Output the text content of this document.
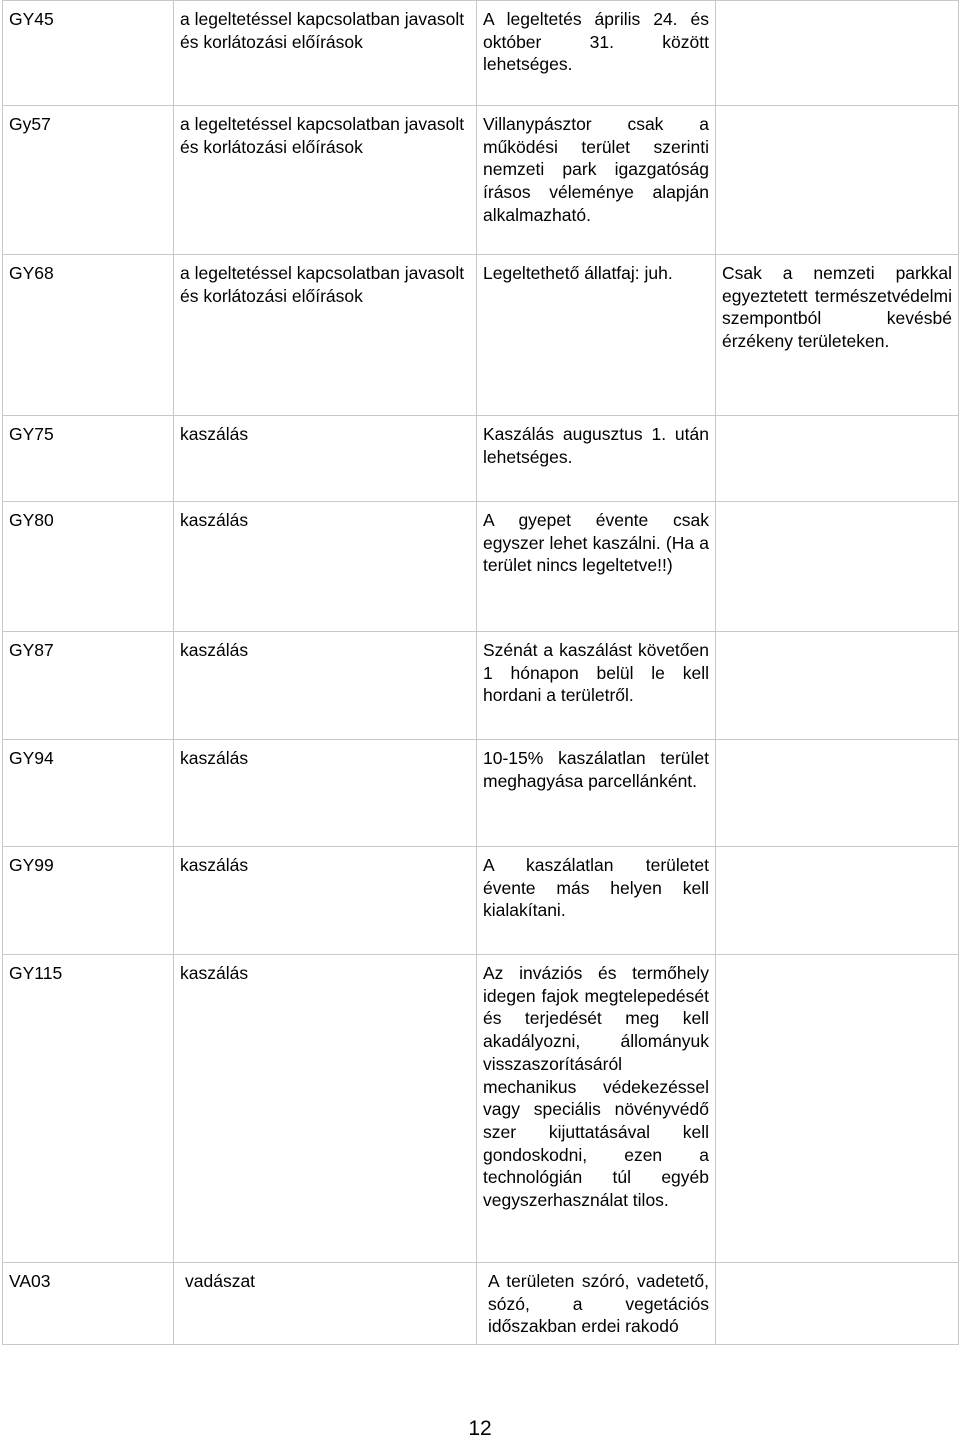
GY45	a legeltetéssel kapcsolatban javasolt és korlátozási előírások	A legeltetés április 24. és október 31. között lehetséges.	
Gy57	a legeltetéssel kapcsolatban javasolt és korlátozási előírások	Villanypásztor csak a működési terület szerinti nemzeti park igazgatóság írásos véleménye alapján alkalmazható.	
GY68	a legeltetéssel kapcsolatban javasolt és korlátozási előírások	Legeltethető állatfaj: juh.	Csak a nemzeti parkkal egyeztetett természetvédelmi szempontból kevésbé érzékeny területeken.
GY75	kaszálás	Kaszálás augusztus 1. után lehetséges.	
GY80	kaszálás	A gyepet évente csak egyszer lehet kaszálni. (Ha a terület nincs legeltetve!!)	
GY87	kaszálás	Szénát a kaszálást követően 1 hónapon belül le kell hordani a területről.	
GY94	kaszálás	10-15% kaszálatlan terület meghagyása parcellánként.	
GY99	kaszálás	A kaszálatlan területet évente más helyen kell kialakítani.	
GY115	kaszálás	Az inváziós és termőhely idegen fajok megtelepedését és terjedését meg kell akadályozni, állományuk visszaszorításáról mechanikus védekezéssel vagy speciális növényvédő szer kijuttatásával kell gondoskodni, ezen a technológián túl egyéb vegyszerhasználat tilos.	
VA03	vadászat	A területen szóró, vadetető, sózó, a vegetációs időszakban erdei rakodó	
12
